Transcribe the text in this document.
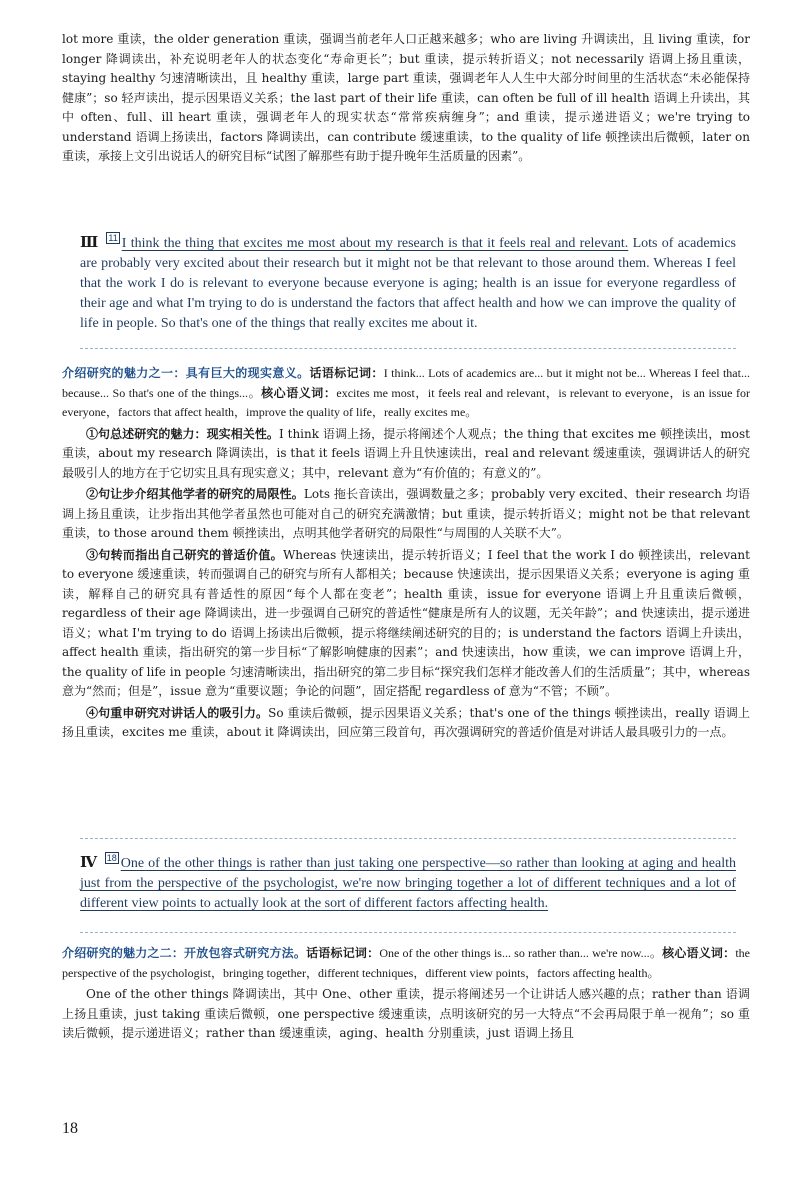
lot more 重读，the older generation 重读，强调当前老年人口正越来越多；who are living 升调读出，且 living 重读，for longer 降调读出，补充说明老年人的状态变化“寿命更长”；but 重读，提示转折语义；not necessarily 语调上扬且重读，staying healthy 匀速清晰读出，且 healthy 重读，large part 重读，强调老年人人生中大部分时间里的生活状态“未必能保持健康”；so 轻声读出，提示因果语义关系；the last part of their life 重读，can often be full of ill health 语调上升读出，其中 often、full、ill heart 重读，强调老年人的现实状态“常常疾病缠身”；and 重读，提示递进语义；we're trying to understand 语调上扬读出，factors 降调读出，can contribute 缓速重读，to the quality of life 顿挫读出后微顿，later on 重读，承接上文引出说话人的研究目标“试图了解那些有助于提升晚年生活质量的因素”。

Ⅲ 11 I think the thing that excites me most about my research is that it feels real and relevant. Lots of academics are probably very excited about their research but it might not be that relevant to those around them. Whereas I feel that the work I do is relevant to everyone because everyone is aging; health is an issue for everyone regardless of their age and what I'm trying to do is understand the factors that affect health and how we can improve the quality of life in people. So that's one of the things that really excites me about it.

介绍研究的魅力之一：具有巨大的现实意义。话语标记词：I think... Lots of academics are... but it might not be... Whereas I feel that... because... So that's one of the things...。核心语义词：excites me most，it feels real and relevant，is relevant to everyone，is an issue for everyone，factors that affect health，improve the quality of life，really excites me。

①句总述研究的魅力：现实相关性。I think 语调上扬，提示将阐述个人观点；the thing that excites me 顿挫读出，most 重读，about my research 降调读出，is that it feels 语调上升且快速读出，real and relevant 缓速重读，强调讲话人的研究最吸引人的地方在于它切实且具有现实意义；其中，relevant 意为“有价值的；有意义的”。

②句让步介绍其他学者的研究的局限性。Lots 拖长音读出，强调数量之多；probably very excited、their research 均语调上扬且重读，让步指出其他学者虽然也可能对自己的研究充满激情；but 重读，提示转折语义；might not be that relevant 重读，to those around them 顿挫读出，点明其他学者研究的局限性“与周围的人关联不大”。

③句转而指出自己研究的普适价值。Whereas 快速读出，提示转折语义；I feel that the work I do 顿挫读出，relevant to everyone 缓速重读，转而强调自己的研究与所有人都相关；because 快速读出，提示因果语义关系；everyone is aging 重读，解释自己的研究具有普适性的原因“每个人都在变老”；health 重读，issue for everyone 语调上升且重读后微顿，regardless of their age 降调读出，进一步强调自己研究的普适性“健康是所有人的议题，无关年龄”；and 快速读出，提示递进语义；what I'm trying to do 语调上扬读出后微顿，提示将继续阐述研究的目的；is understand the factors 语调上升读出，affect health 重读，指出研究的第一步目标“了解影响健康的因素”；and 快速读出，how 重读，we can improve 语调上升，the quality of life in people 匀速清晰读出，指出研究的第二步目标“探究我们怎样才能改善人们的生活质量”；其中，whereas 意为“然而；但是”，issue 意为“重要议题；争论的问题”，固定搭配 regardless of 意为“不管；不顾”。

④句重申研究对讲话人的吸引力。So 重读后微顿，提示因果语义关系；that's one of the things 顿挫读出，really 语调上扬且重读，excites me 重读，about it 降调读出，回应第三段首句，再次强调研究的普适价值是对讲话人最具吸引力的一点。

Ⅳ 18 One of the other things is rather than just taking one perspective—so rather than looking at aging and health just from the perspective of the psychologist, we're now bringing together a lot of different techniques and a lot of different view points to actually look at the sort of different factors affecting health.

介绍研究的魅力之二：开放包容式研究方法。话语标记词：One of the other things is... so rather than... we're now...。核心语义词：the perspective of the psychologist，bringing together，different techniques，different view points，factors affecting health。

One of the other things 降调读出，其中 One、other 重读，提示将阐述另一个让讲话人感兴趣的点；rather than 语调上扬且重读，just taking 重读后微顿，one perspective 缓速重读，点明该研究的另一大特点“不会再局限于单一视角”；so 重读后微顿，提示递进语义；rather than 缓速重读，aging、health 分别重读，just 语调上扬且

18
